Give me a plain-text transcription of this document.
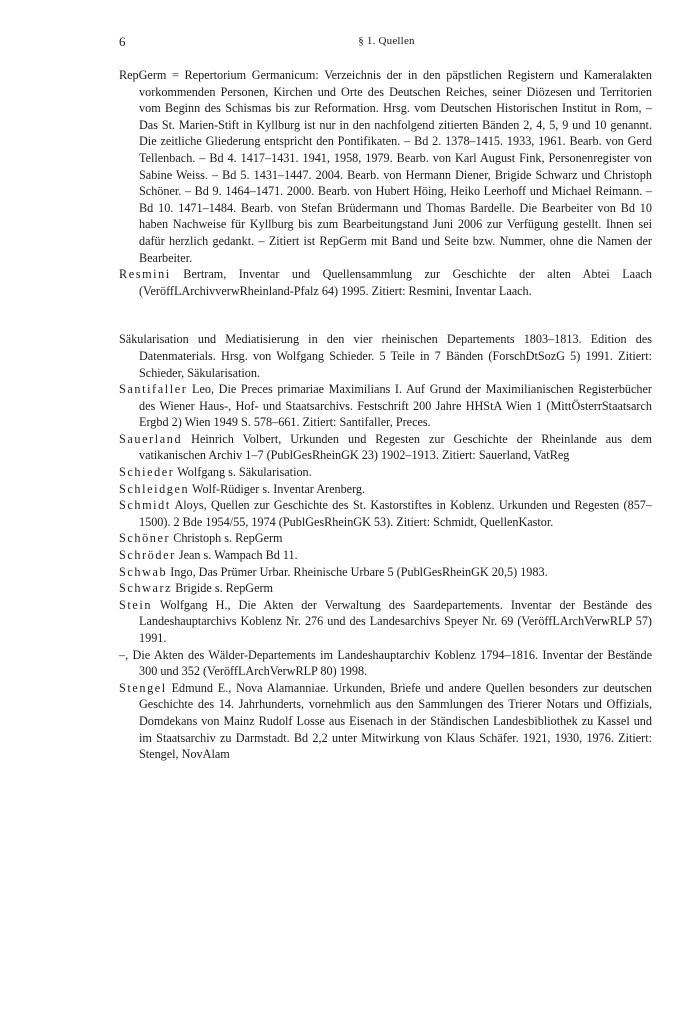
6	§ 1. Quellen

RepGerm = Repertorium Germanicum: Verzeichnis der in den päpstlichen Registern und Kameralakten vorkommenden Personen, Kirchen und Orte des Deutschen Reiches, seiner Diözesen und Territorien vom Beginn des Schismas bis zur Reformation. Hrsg. vom Deutschen Historischen Institut in Rom, – Das St. Marien-Stift in Kyllburg ist nur in den nachfolgend zitierten Bänden 2, 4, 5, 9 und 10 genannt. Die zeitliche Gliederung entspricht den Pontifikaten. – Bd 2. 1378–1415. 1933, 1961. Bearb. von Gerd Tellenbach. – Bd 4. 1417–1431. 1941, 1958, 1979. Bearb. von Karl August Fink, Personenregister von Sabine Weiss. – Bd 5. 1431–1447. 2004. Bearb. von Hermann Diener, Brigide Schwarz und Christoph Schöner. – Bd 9. 1464–1471. 2000. Bearb. von Hubert Höing, Heiko Leerhoff und Michael Reimann. – Bd 10. 1471–1484. Bearb. von Stefan Brüdermann und Thomas Bardelle. Die Bearbeiter von Bd 10 haben Nachweise für Kyllburg bis zum Bearbeitungstand Juni 2006 zur Verfügung gestellt. Ihnen sei dafür herzlich gedankt. – Zitiert ist RepGerm mit Band und Seite bzw. Nummer, ohne die Namen der Bearbeiter.

Resmini Bertram, Inventar und Quellensammlung zur Geschichte der alten Abtei Laach (VeröffLArchivverwRheinland-Pfalz 64) 1995. Zitiert: Resmini, Inventar Laach.

Säkularisation und Mediatisierung in den vier rheinischen Departements 1803–1813. Edition des Datenmaterials. Hrsg. von Wolfgang Schieder. 5 Teile in 7 Bänden (ForschDtSozG 5) 1991. Zitiert: Schieder, Säkularisation.

Santifaller Leo, Die Preces primariae Maximilians I. Auf Grund der Maximilianischen Registerbücher des Wiener Haus-, Hof- und Staatsarchivs. Festschrift 200 Jahre HHStA Wien 1 (MittÖsterrStaatsarch Ergbd 2) Wien 1949 S. 578–661. Zitiert: Santifaller, Preces.

Sauerland Heinrich Volbert, Urkunden und Regesten zur Geschichte der Rheinlande aus dem vatikanischen Archiv 1–7 (PublGesRheinGK 23) 1902–1913. Zitiert: Sauerland, VatReg

Schieder Wolfgang s. Säkularisation.

Schleidgen Wolf-Rüdiger s. Inventar Arenberg.

Schmidt Aloys, Quellen zur Geschichte des St. Kastorstiftes in Koblenz. Urkunden und Regesten (857–1500). 2 Bde 1954/55, 1974 (PublGesRheinGK 53). Zitiert: Schmidt, QuellenKastor.

Schöner Christoph s. RepGerm

Schröder Jean s. Wampach Bd 11.

Schwab Ingo, Das Prümer Urbar. Rheinische Urbare 5 (PublGesRheinGK 20,5) 1983.

Schwarz Brigide s. RepGerm

Stein Wolfgang H., Die Akten der Verwaltung des Saardepartements. Inventar der Bestände des Landeshauptarchivs Koblenz Nr. 276 und des Landesarchivs Speyer Nr. 69 (VeröffLArchVerwRLP 57) 1991.

–, Die Akten des Wälder-Departements im Landeshauptarchiv Koblenz 1794–1816. Inventar der Bestände 300 und 352 (VeröffLArchVerwRLP 80) 1998.

Stengel Edmund E., Nova Alamanniae. Urkunden, Briefe und andere Quellen besonders zur deutschen Geschichte des 14. Jahrhunderts, vornehmlich aus den Sammlungen des Trierer Notars und Offizials, Domdekans von Mainz Rudolf Losse aus Eisenach in der Ständischen Landesbibliothek zu Kassel und im Staatsarchiv zu Darmstadt. Bd 2,2 unter Mitwirkung von Klaus Schäfer. 1921, 1930, 1976. Zitiert: Stengel, NovAlam
